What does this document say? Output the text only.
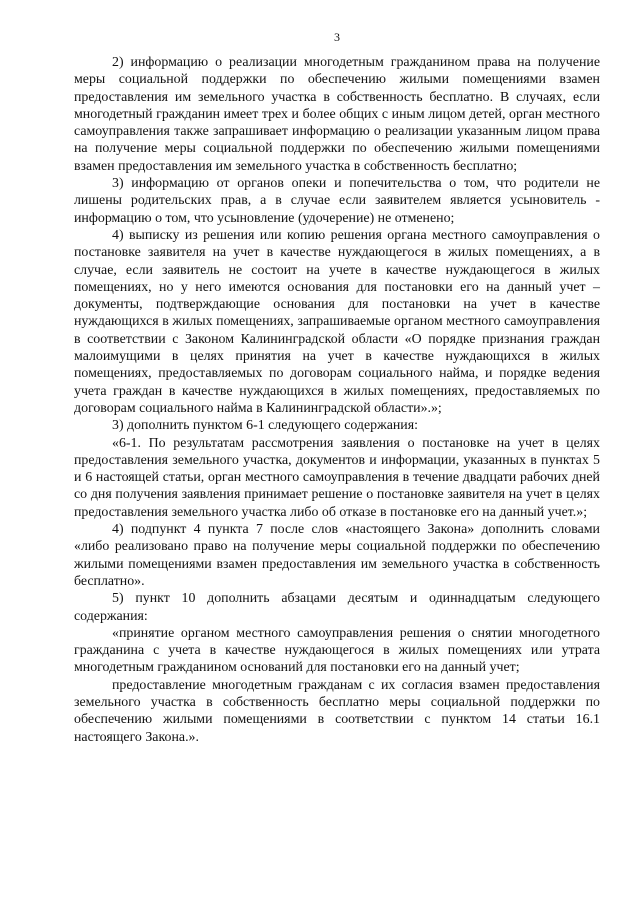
3

2) информацию о реализации многодетным гражданином права на получение меры социальной поддержки по обеспечению жилыми помещениями взамен предоставления им земельного участка в собственность бесплатно. В случаях, если многодетный гражданин имеет трех и более общих с иным лицом детей, орган местного самоуправления также запрашивает информацию о реализации указанным лицом права на получение меры социальной поддержки по обеспечению жилыми помещениями взамен предоставления им земельного участка в собственность бесплатно;

3) информацию от органов опеки и попечительства о том, что родители не лишены родительских прав, а в случае если заявителем является усыновитель - информацию о том, что усыновление (удочерение) не отменено;

4) выписку из решения или копию решения органа местного самоуправления о постановке заявителя на учет в качестве нуждающегося в жилых помещениях, а в случае, если заявитель не состоит на учете в качестве нуждающегося в жилых помещениях, но у него имеются основания для постановки его на данный учет – документы, подтверждающие основания для постановки на учет в качестве нуждающихся в жилых помещениях, запрашиваемые органом местного самоуправления в соответствии с Законом Калининградской области «О порядке признания граждан малоимущими в целях принятия на учет в качестве нуждающихся в жилых помещениях, предоставляемых по договорам социального найма, и порядке ведения учета граждан в качестве нуждающихся в жилых помещениях, предоставляемых по договорам социального найма в Калининградской области».»;

3) дополнить пунктом 6-1 следующего содержания:

«6-1. По результатам рассмотрения заявления о постановке на учет в целях предоставления земельного участка, документов и информации, указанных в пунктах 5 и 6 настоящей статьи, орган местного самоуправления в течение двадцати рабочих дней со дня получения заявления принимает решение о постановке заявителя на учет в целях предоставления земельного участка либо об отказе в постановке его на данный учет.»;

4) подпункт 4 пункта 7 после слов «настоящего Закона» дополнить словами «либо реализовано право на получение меры социальной поддержки по обеспечению жилыми помещениями взамен предоставления им земельного участка в собственность бесплатно».

5) пункт 10 дополнить абзацами десятым и одиннадцатым следующего содержания:

«принятие органом местного самоуправления решения о снятии многодетного гражданина с учета в качестве нуждающегося в жилых помещениях или утрата многодетным гражданином оснований для постановки его на данный учет;

предоставление многодетным гражданам с их согласия взамен предоставления земельного участка в собственность бесплатно меры социальной поддержки по обеспечению жилыми помещениями в соответствии с пунктом 14 статьи 16.1 настоящего Закона.».
